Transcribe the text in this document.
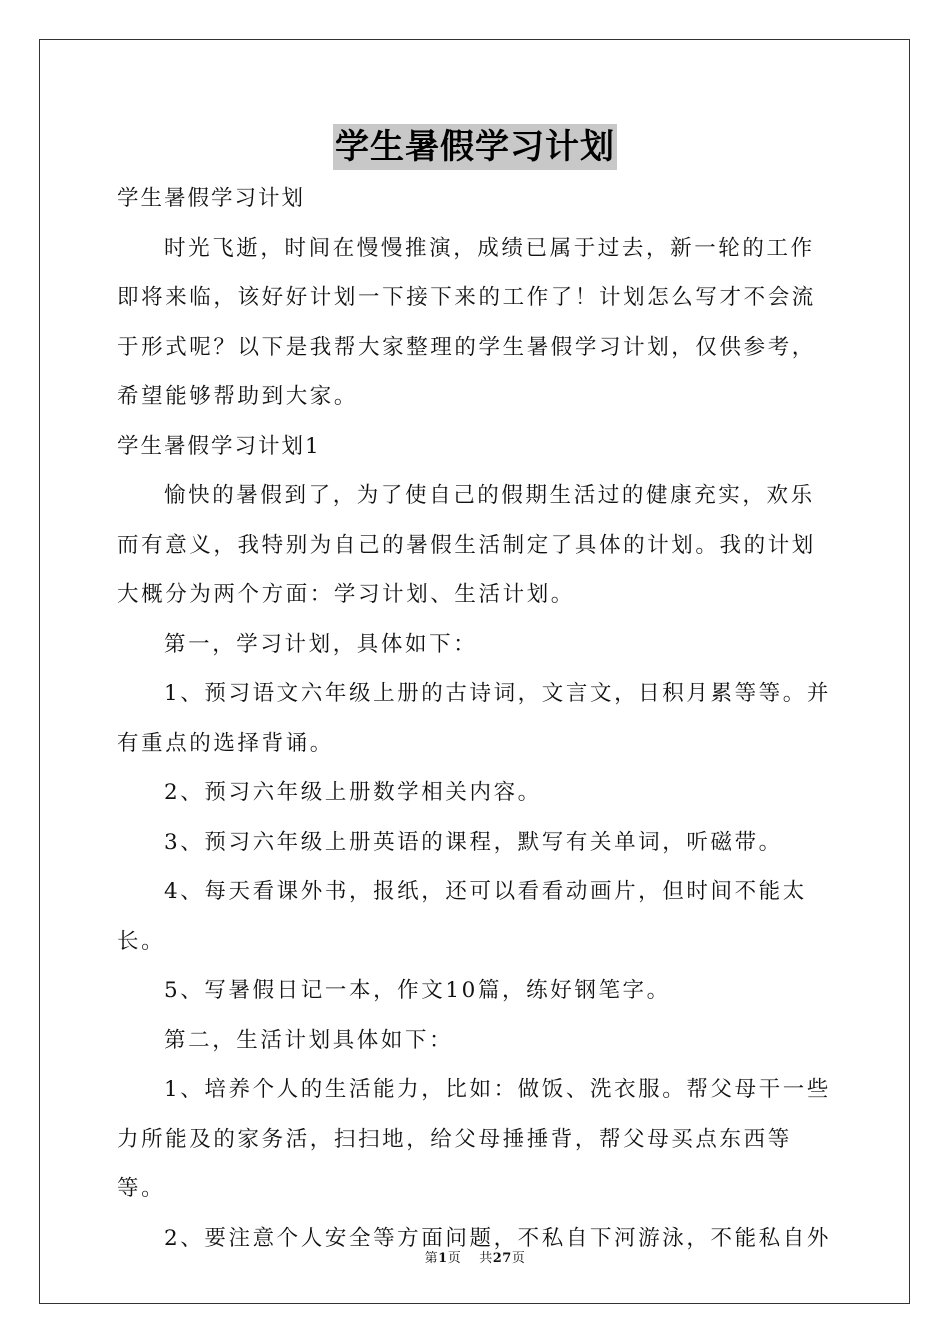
学生暑假学习计划

学生暑假学习计划

时光飞逝，时间在慢慢推演，成绩已属于过去，新一轮的工作即将来临，该好好计划一下接下来的工作了！计划怎么写才不会流于形式呢？以下是我帮大家整理的学生暑假学习计划，仅供参考，希望能够帮助到大家。

学生暑假学习计划1

愉快的暑假到了，为了使自己的假期生活过的健康充实，欢乐而有意义，我特别为自己的暑假生活制定了具体的计划。我的计划大概分为两个方面：学习计划、生活计划。

第一，学习计划，具体如下：

1、预习语文六年级上册的古诗词，文言文，日积月累等等。并有重点的选择背诵。

2、预习六年级上册数学相关内容。

3、预习六年级上册英语的课程，默写有关单词，听磁带。

4、每天看课外书，报纸，还可以看看动画片，但时间不能太长。

5、写暑假日记一本，作文10篇，练好钢笔字。

第二，生活计划具体如下：

1、培养个人的生活能力，比如：做饭、洗衣服。帮父母干一些力所能及的家务活，扫扫地，给父母捶捶背，帮父母买点东西等等。

2、要注意个人安全等方面问题，不私自下河游泳，不能私自外

第1页 共27页
